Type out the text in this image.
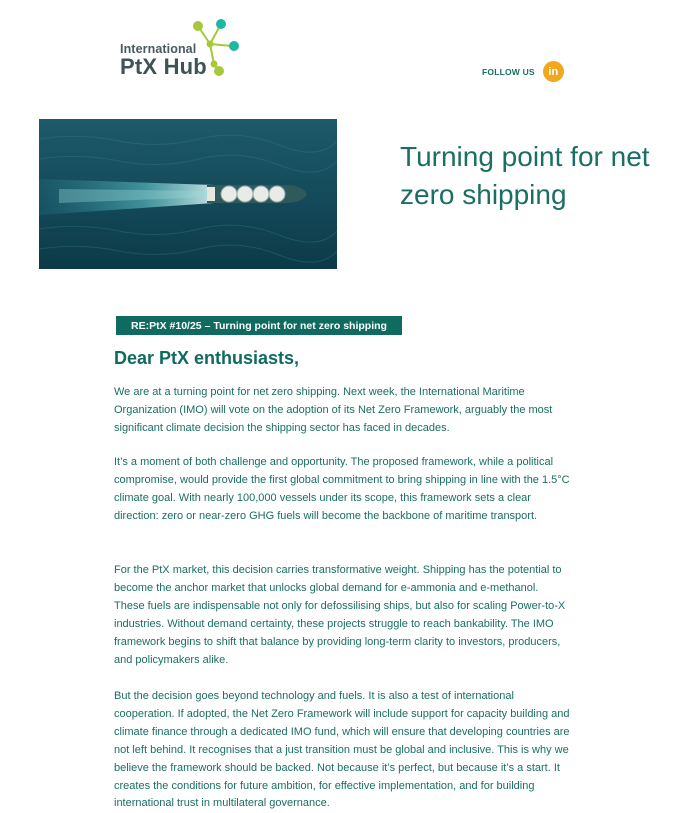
International
PtX Hub	FOLLOW US in
Turning point for net zero shipping
RE:PtX #10/25 – Turning point for net zero shipping
Dear PtX enthusiasts,
We are at a turning point for net zero shipping. Next week, the International Maritime Organization (IMO) will vote on the adoption of its Net Zero Framework, arguably the most significant climate decision the shipping sector has faced in decades.
It’s a moment of both challenge and opportunity. The proposed framework, while a political compromise, would provide the first global commitment to bring shipping in line with the 1.5°C climate goal. With nearly 100,000 vessels under its scope, this framework sets a clear direction: zero or near-zero GHG fuels will become the backbone of maritime transport.
For the PtX market, this decision carries transformative weight. Shipping has the potential to become the anchor market that unlocks global demand for e-ammonia and e-methanol. These fuels are indispensable not only for defossilising ships, but also for scaling Power-to-X industries. Without demand certainty, these projects struggle to reach bankability. The IMO framework begins to shift that balance by providing long-term clarity to investors, producers, and policymakers alike.
But the decision goes beyond technology and fuels. It is also a test of international cooperation. If adopted, the Net Zero Framework will include support for capacity building and climate finance through a dedicated IMO fund, which will ensure that developing countries are not left behind. It recognises that a just transition must be global and inclusive. This is why we believe the framework should be backed. Not because it’s perfect, but because it’s a start. It creates the conditions for future ambition, for effective implementation, and for building international trust in multilateral governance.
